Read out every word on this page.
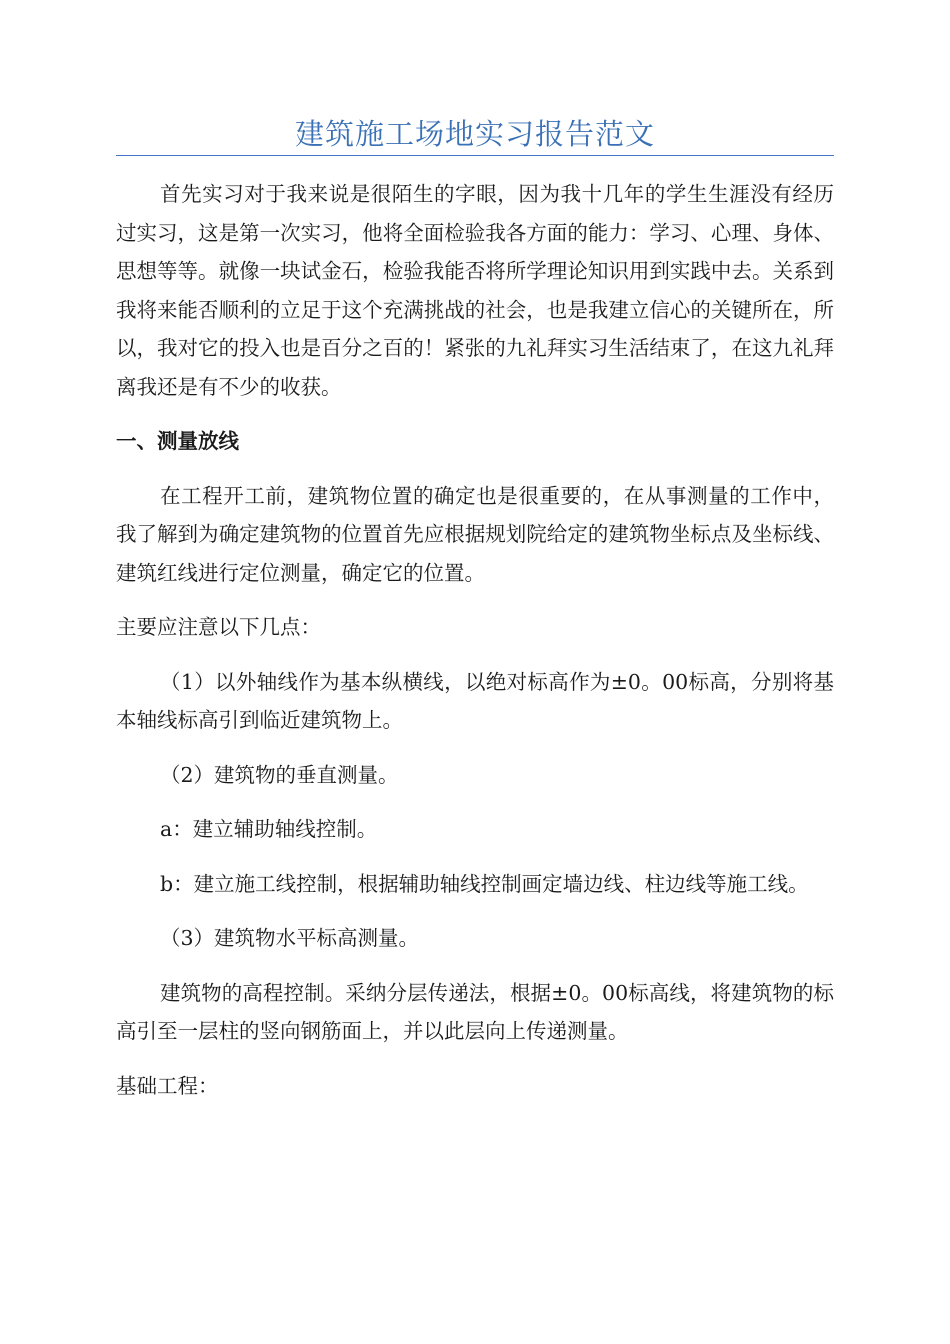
建筑施工场地实习报告范文

首先实习对于我来说是很陌生的字眼，因为我十几年的学生生涯没有经历过实习，这是第一次实习，他将全面检验我各方面的能力：学习、心理、身体、思想等等。就像一块试金石，检验我能否将所学理论知识用到实践中去。关系到我将来能否顺利的立足于这个充满挑战的社会，也是我建立信心的关键所在，所以，我对它的投入也是百分之百的！紧张的九礼拜实习生活结束了，在这九礼拜离我还是有不少的收获。

一、测量放线

在工程开工前，建筑物位置的确定也是很重要的，在从事测量的工作中，我了解到为确定建筑物的位置首先应根据规划院给定的建筑物坐标点及坐标线、建筑红线进行定位测量，确定它的位置。

主要应注意以下几点：

（1）以外轴线作为基本纵横线，以绝对标高作为±0。00标高，分别将基本轴线标高引到临近建筑物上。

（2）建筑物的垂直测量。

a：建立辅助轴线控制。

b：建立施工线控制，根据辅助轴线控制画定墙边线、柱边线等施工线。

（3）建筑物水平标高测量。

建筑物的高程控制。采纳分层传递法，根据±0。00标高线，将建筑物的标高引至一层柱的竖向钢筋面上，并以此层向上传递测量。

基础工程：
